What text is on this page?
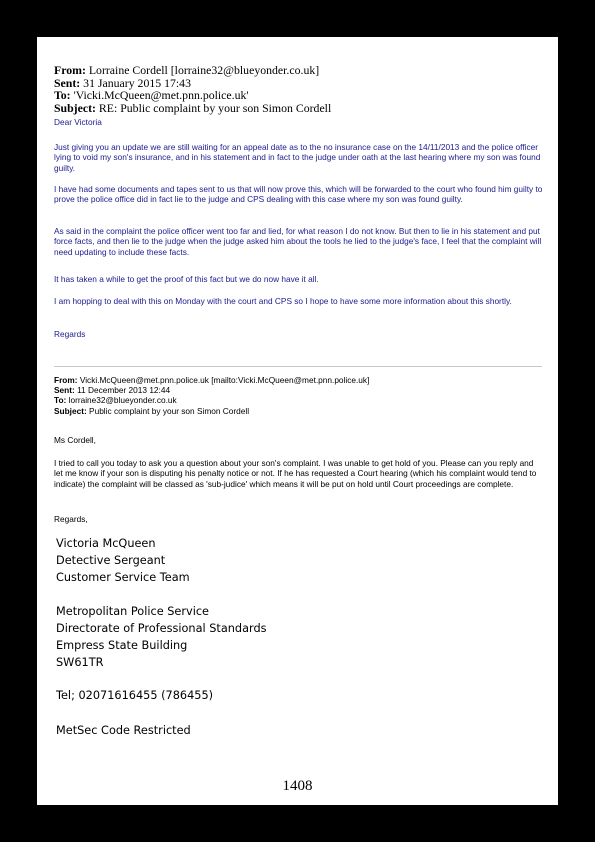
From: Lorraine Cordell [lorraine32@blueyonder.co.uk]
Sent: 31 January 2015 17:43
To: 'Vicki.McQueen@met.pnn.police.uk'
Subject: RE: Public complaint by your son Simon Cordell

Dear Victoria

Just giving you an update we are still waiting for an appeal date as to the no insurance case on the 14/11/2013 and the police officer lying to void my son's insurance, and in his statement and in fact to the judge under oath at the last hearing where my son was found guilty.

I have had some documents and tapes sent to us that will now prove this, which will be forwarded to the court who found him guilty to prove the police office did in fact lie to the judge and CPS dealing with this case where my son was found guilty.

As said in the complaint the police officer went too far and lied, for what reason I do not know. But then to lie in his statement and put force facts, and then lie to the judge when the judge asked him about the tools he lied to the judge's face, I feel that the complaint will need updating to include these facts.

It has taken a while to get the proof of this fact but we do now have it all.

I am hopping to deal with this on Monday with the court and CPS so I hope to have some more information about this shortly.

Regards

From: Vicki.McQueen@met.pnn.police.uk [mailto:Vicki.McQueen@met.pnn.police.uk]
Sent: 11 December 2013 12:44
To: lorraine32@blueyonder.co.uk
Subject: Public complaint by your son Simon Cordell

Ms Cordell,

I tried to call you today to ask you a question about your son's complaint. I was unable to get hold of you. Please can you reply and let me know if your son is disputing his penalty notice or not. If he has requested a Court hearing (which his complaint would tend to indicate) the complaint will be classed as 'sub-judice' which means it will be put on hold until Court proceedings are complete.

Regards,

Victoria McQueen
Detective Sergeant
Customer Service Team
Metropolitan Police Service
Directorate of Professional Standards
Empress State Building
SW61TR
Tel; 02071616455 (786455)
MetSec Code Restricted
1408
